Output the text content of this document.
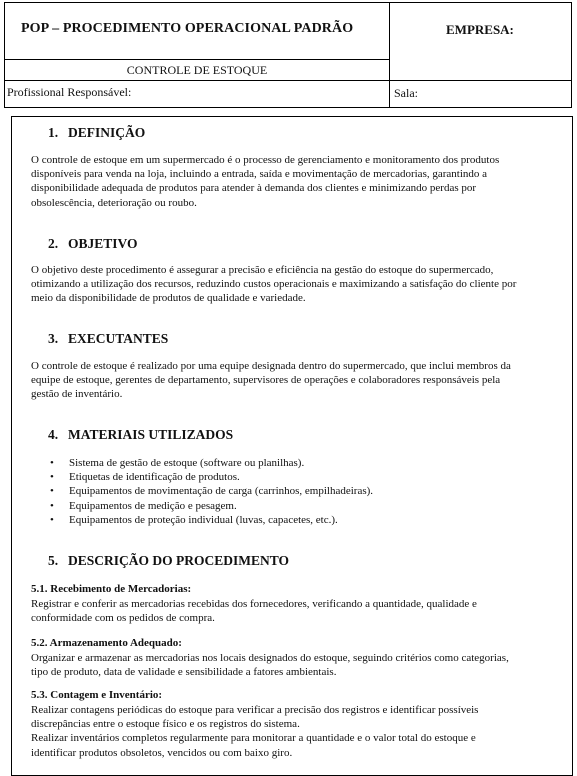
POP – PROCEDIMENTO OPERACIONAL PADRÃO	EMPRESA:
CONTROLE DE ESTOQUE
Profissional Responsável:	Sala:
1. DEFINIÇÃO
O controle de estoque em um supermercado é o processo de gerenciamento e monitoramento dos produtos
disponíveis para venda na loja, incluindo a entrada, saída e movimentação de mercadorias, garantindo a
disponibilidade adequada de produtos para atender à demanda dos clientes e minimizando perdas por
obsolescência, deterioração ou roubo.
2. OBJETIVO
O objetivo deste procedimento é assegurar a precisão e eficiência na gestão do estoque do supermercado,
otimizando a utilização dos recursos, reduzindo custos operacionais e maximizando a satisfação do cliente por
meio da disponibilidade de produtos de qualidade e variedade.
3. EXECUTANTES
O controle de estoque é realizado por uma equipe designada dentro do supermercado, que inclui membros da
equipe de estoque, gerentes de departamento, supervisores de operações e colaboradores responsáveis pela
gestão de inventário.
4. MATERIAIS UTILIZADOS
• Sistema de gestão de estoque (software ou planilhas).
• Etiquetas de identificação de produtos.
• Equipamentos de movimentação de carga (carrinhos, empilhadeiras).
• Equipamentos de medição e pesagem.
• Equipamentos de proteção individual (luvas, capacetes, etc.).
5. DESCRIÇÃO DO PROCEDIMENTO
5.1. Recebimento de Mercadorias:
Registrar e conferir as mercadorias recebidas dos fornecedores, verificando a quantidade, qualidade e
conformidade com os pedidos de compra.
5.2. Armazenamento Adequado:
Organizar e armazenar as mercadorias nos locais designados do estoque, seguindo critérios como categorias,
tipo de produto, data de validade e sensibilidade a fatores ambientais.
5.3. Contagem e Inventário:
Realizar contagens periódicas do estoque para verificar a precisão dos registros e identificar possíveis
discrepâncias entre o estoque físico e os registros do sistema.
Realizar inventários completos regularmente para monitorar a quantidade e o valor total do estoque e
identificar produtos obsoletos, vencidos ou com baixo giro.
